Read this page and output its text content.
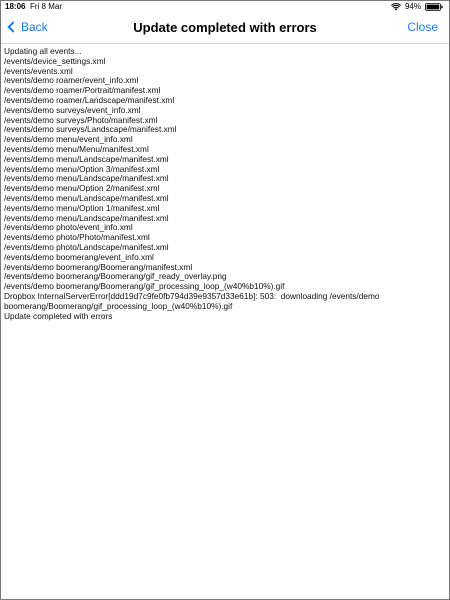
18:06 Fri 8 Mar	94%
Back	Update completed with errors	Close
Updating all events...
/events/device_settings.xml
/events/events.xml
/events/demo roamer/event_info.xml
/events/demo roamer/Portrait/manifest.xml
/events/demo roamer/Landscape/manifest.xml
/events/demo surveys/event_info.xml
/events/demo surveys/Photo/manifest.xml
/events/demo surveys/Landscape/manifest.xml
/events/demo menu/event_info.xml
/events/demo menu/Menu/manifest.xml
/events/demo menu/Landscape/manifest.xml
/events/demo menu/Option 3/manifest.xml
/events/demo menu/Landscape/manifest.xml
/events/demo menu/Option 2/manifest.xml
/events/demo menu/Landscape/manifest.xml
/events/demo menu/Option 1/manifest.xml
/events/demo menu/Landscape/manifest.xml
/events/demo photo/event_info.xml
/events/demo photo/Photo/manifest.xml
/events/demo photo/Landscape/manifest.xml
/events/demo boomerang/event_info.xml
/events/demo boomerang/Boomerang/manifest.xml
/events/demo boomerang/Boomerang/gif_ready_overlay.png
/events/demo boomerang/Boomerang/gif_processing_loop_(w40%b10%).gif
Dropbox InternalServerError[ddd19d7c9fe0fb794d39e9357d33e61b]: 503:  downloading /events/demo boomerang/Boomerang/gif_processing_loop_(w40%b10%).gif
Update completed with errors
